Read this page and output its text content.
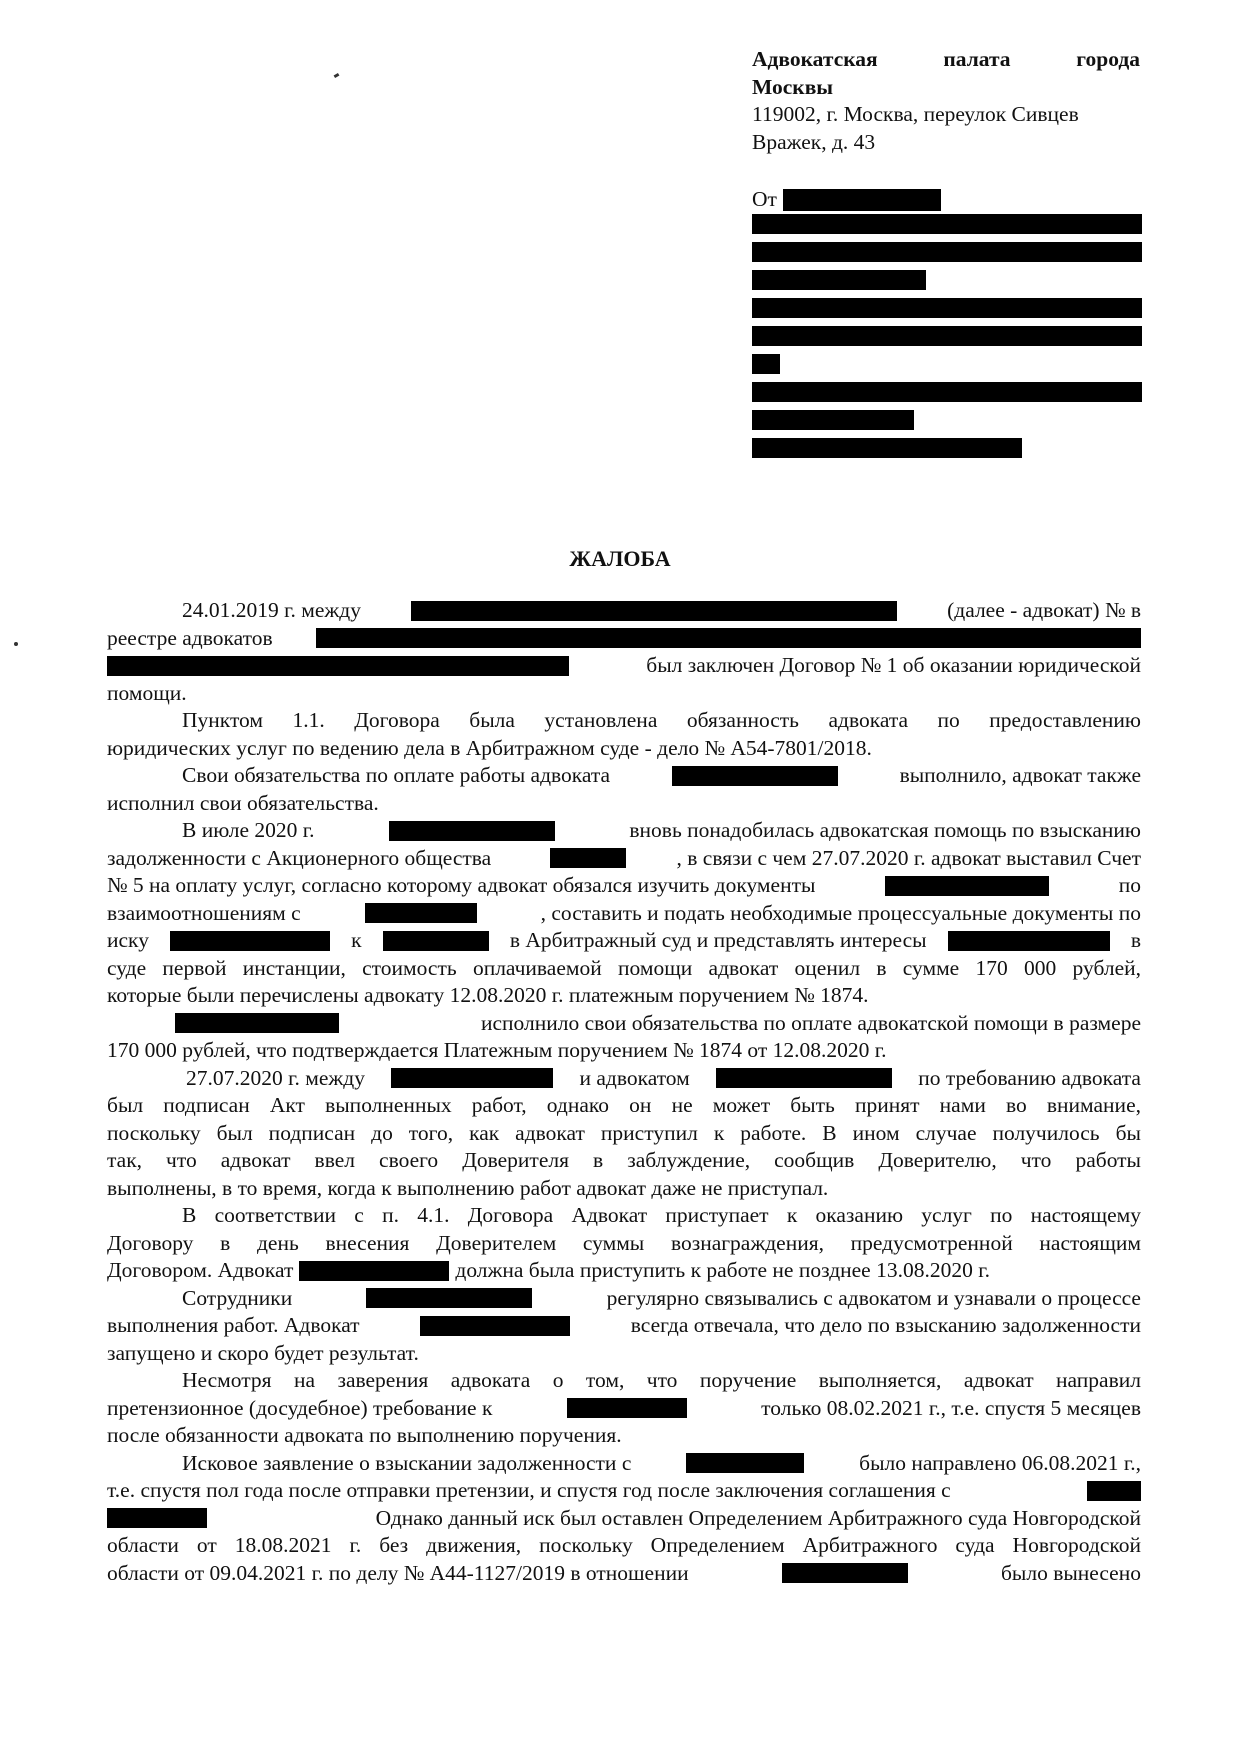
Адвокатская	палата	города
Москвы
119002, г. Москва, переулок Сивцев
Вражек, д. 43
От
ЖАЛОБА
24.01.2019 г. между	(далее - адвокат) № в
реестре адвокатов
был заключен Договор № 1 об оказании юридической
помощи.
Пунктом 1.1. Договора была установлена обязанность адвоката по предоставлению
юридических услуг по ведению дела в Арбитражном суде - дело № А54-7801/2018.
Свои обязательства по оплате работы адвоката	выполнило, адвокат также
исполнил свои обязательства.
В июле 2020 г.	вновь понадобилась адвокатская помощь по взысканию
задолженности с Акционерного общества	, в связи с чем 27.07.2020 г. адвокат выставил Счет
№ 5 на оплату услуг, согласно которому адвокат обязался изучить документы	по
взаимоотношениям с	, составить и подать необходимые процессуальные документы по
иску	к	в Арбитражный суд и представлять интересы	в
суде первой инстанции, стоимость оплачиваемой помощи адвокат оценил в сумме 170 000 рублей,
которые были перечислены адвокату 12.08.2020 г. платежным поручением № 1874.
исполнило свои обязательства по оплате адвокатской помощи в размере
170 000 рублей, что подтверждается Платежным поручением № 1874 от 12.08.2020 г.
27.07.2020 г. между	и адвокатом	по требованию адвоката
был подписан Акт выполненных работ, однако он не может быть принят нами во внимание,
поскольку был подписан до того, как адвокат приступил к работе. В ином случае получилось бы
так, что адвокат ввел своего Доверителя в заблуждение, сообщив Доверителю, что работы
выполнены, в то время, когда к выполнению работ адвокат даже не приступал.
В соответствии с п. 4.1. Договора Адвокат приступает к оказанию услуг по настоящему
Договору в день внесения Доверителем суммы вознаграждения, предусмотренной настоящим
Договором. Адвокат	должна была приступить к работе не позднее 13.08.2020 г.
Сотрудники	регулярно связывались с адвокатом и узнавали о процессе
выполнения работ. Адвокат	всегда отвечала, что дело по взысканию задолженности
запущено и скоро будет результат.
Несмотря на заверения адвоката о том, что поручение выполняется, адвокат направил
претензионное (досудебное) требование к	только 08.02.2021 г., т.е. спустя 5 месяцев
после обязанности адвоката по выполнению поручения.
Исковое заявление о взыскании задолженности с	было направлено 06.08.2021 г.,
т.е. спустя пол года после отправки претензии, и спустя год после заключения соглашения с
Однако данный иск был оставлен Определением Арбитражного суда Новгородской
области от 18.08.2021 г. без движения, поскольку Определением Арбитражного суда Новгородской
области от 09.04.2021 г. по делу № А44-1127/2019 в отношении	было вынесено
